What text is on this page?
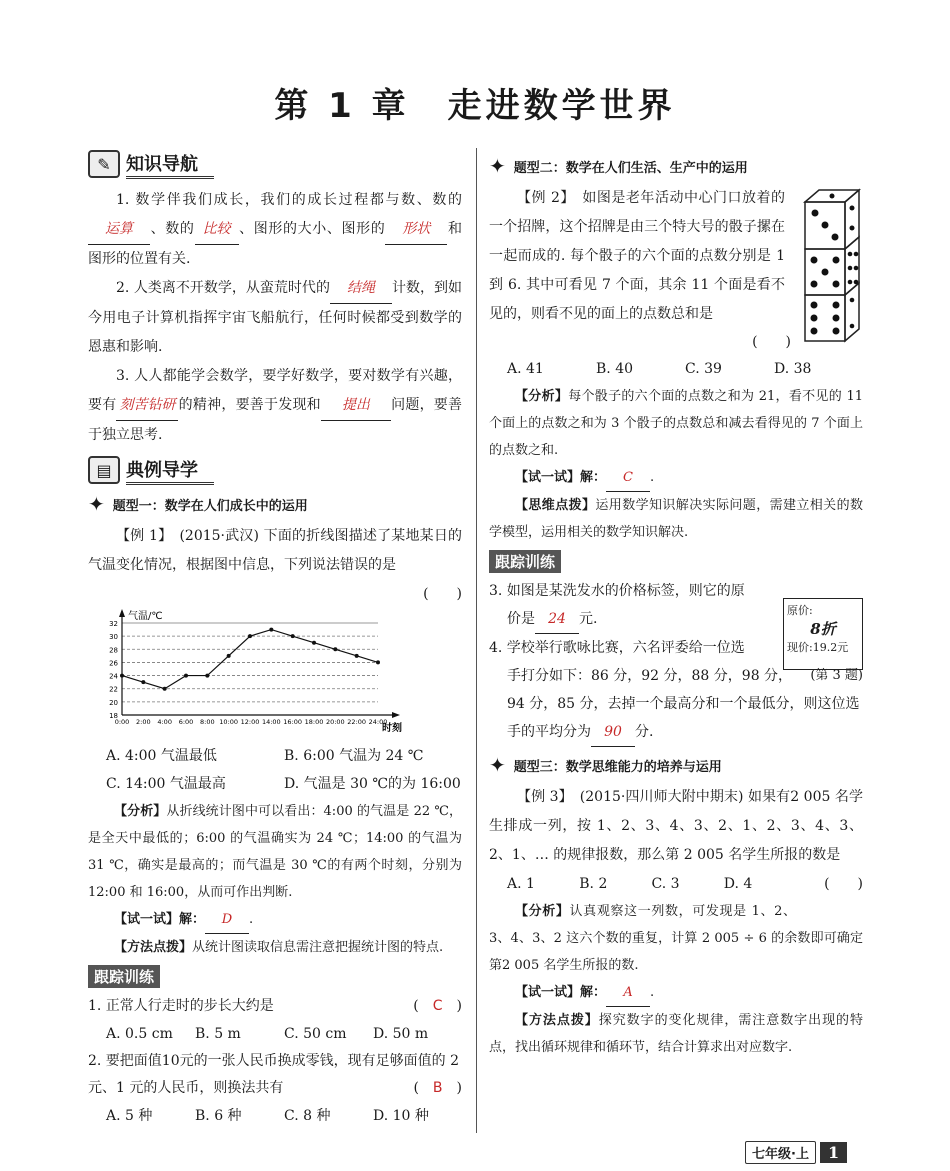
第 1 章　走进数学世界
✎ 知识导航

1. 数学伴我们成长，我们的成长过程都与数、数的运算 、数的 比较 、图形的大小、图形的 形状 和图形的位置有关.

2. 人类离不开数学，从蛮荒时代的 结绳 计数，到如今用电子计算机指挥宇宙飞船航行，任何时候都受到数学的恩惠和影响.

3. 人人都能学会数学，要学好数学，要对数学有兴趣，要有 刻苦钻研 的精神，要善于发现和 提出 问题，要善于独立思考.

▤ 典例导学
✦ 题型一：数学在人们成长中的运用

【例 1】　(2015·武汉) 下面的折线图描述了某地某日的气温变化情况，根据图中信息，下列说法错误的是
(　　)

18
20
22
24
26
28
30
32
气温/℃
时刻
0:00 2:00 4:00 6:00 8:00 10:00 12:00 14:00 16:00 18:00 20:00 22:00 24:00
A. 4:00 气温最低	B. 6:00 气温为 24 ℃
C. 14:00 气温最高	D. 气温是 30 ℃的为 16:00

【分析】从折线统计图中可以看出：4:00 的气温是 22 ℃，是全天中最低的；6:00 的气温确实为 24 ℃；14:00 的气温为 31 ℃，确实是最高的；而气温是 30 ℃的有两个时刻，分别为 12:00 和 16:00，从而可作出判断.

【试一试】解： D .

【方法点拨】从统计图读取信息需注意把握统计图的特点.

跟踪训练
1. 正常人行走时的步长大约是	(　C　)
A. 0.5 cm	B. 5 m	C. 50 cm	D. 50 m
2. 要把面值10元的一张人民币换成零钱，现有足够面值的 2 元、1 元的人民币，则换法共有	(　B　)
A. 5 种	B. 6 种	C. 8 种	D. 10 种
✦ 题型二：数学在人们生活、生产中的运用

【例 2】　如图是老年活动中心门口放着的一个招牌，这个招牌是由三个特大号的骰子摞在一起而成的. 每个骰子的六个面的点数分别是 1 到 6. 其中可看见 7 个面，其余 11 个面是看不见的，则看不见的面上的点数总和是

(　　)
A. 41	B. 40	C. 39	D. 38

【分析】每个骰子的六个面的点数之和为 21，看不见的 11 个面上的点数之和为 3 个骰子的点数总和减去看得见的 7 个面上的点数之和.

【试一试】解： C .

【思维点拨】运用数学知识解决实际问题，需建立相关的数学模型，运用相关的数学知识解决.

跟踪训练
原价:
8折
现价:19.2元
3. 如图是某洗发水的价格标签，则它的原
价是 24 元.
4. 学校举行歌咏比赛，六名评委给一位选
手打分如下：86 分，92 分，88 分，98 分， (第 3 题)
94 分，85 分，去掉一个最高分和一个最低分，则这位选手的平均分为 90 分.
✦ 题型三：数学思维能力的培养与运用

【例 3】　(2015·四川师大附中期末) 如果有2 005 名学生排成一列，按 1、2、3、4、3、2、1、2、3、4、3、2、1、… 的规律报数，那么第 2 005 名学生所报的数是
(　　)

A. 1	B. 2	C. 3	D. 4

【分析】认真观察这一列数，可发现是 1、2、3、4、3、2 这六个数的重复，计算 2 005 ÷ 6 的余数即可确定第2 005 名学生所报的数.

【试一试】解： A .

【方法点拨】探究数字的变化规律，需注意数字出现的特点，找出循环规律和循环节，结合计算求出对应数字.

七年级·上	1
